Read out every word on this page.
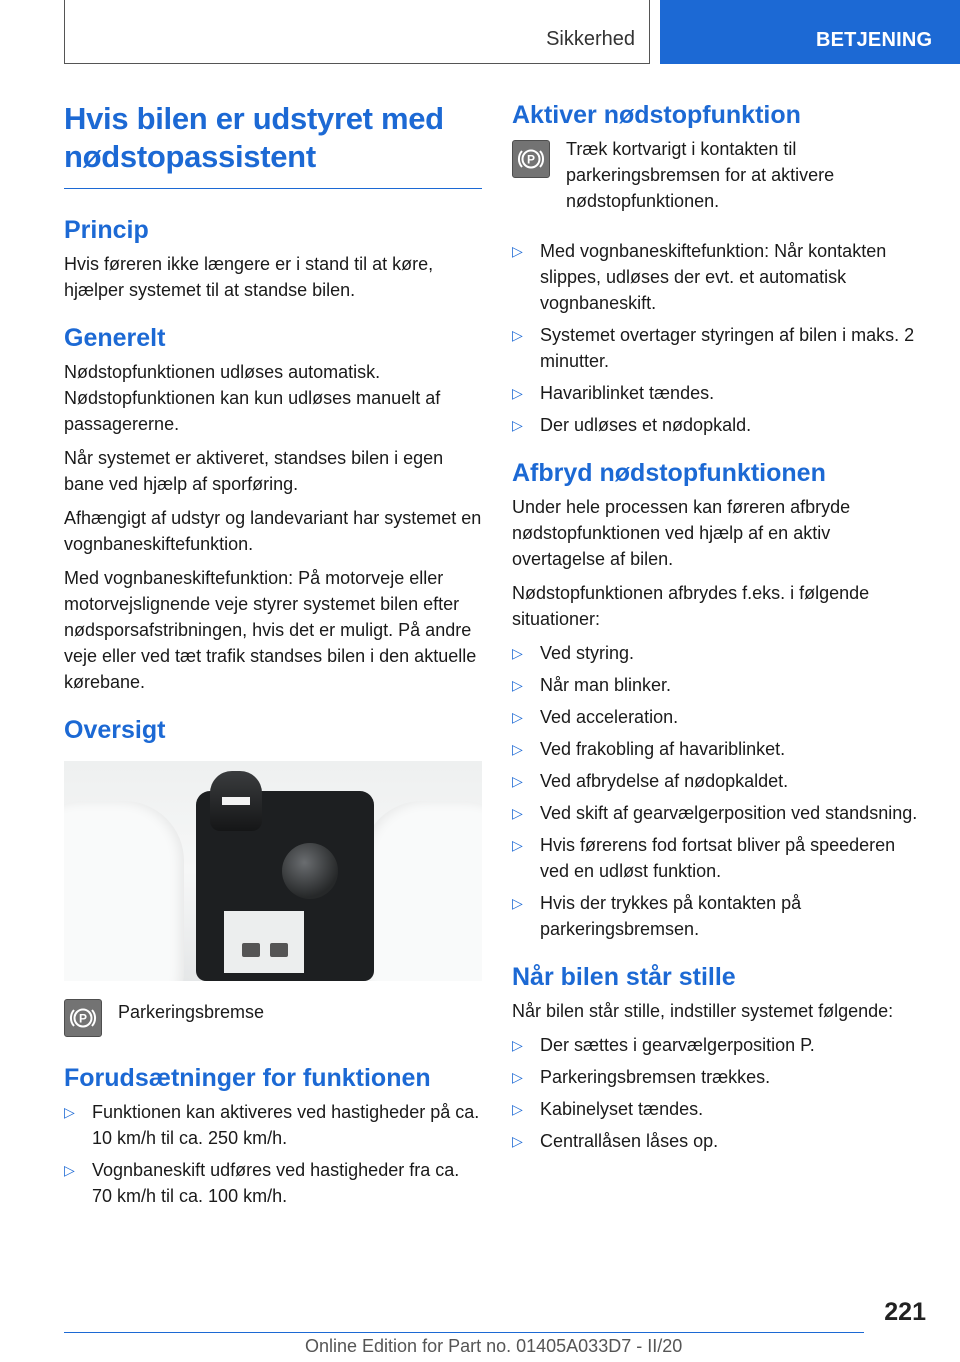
Sikkerhed	BETJENING
Hvis bilen er udstyret med nødstopassistent
Princip

Hvis føreren ikke længere er i stand til at køre, hjælper systemet til at standse bilen.

Generelt

Nødstopfunktionen udløses automatisk. Nødstopfunktionen kan kun udløses manuelt af passagererne.

Når systemet er aktiveret, standses bilen i egen bane ved hjælp af sporføring.

Afhængigt af udstyr og landevariant har systemet en vognbaneskiftefunktion.

Med vognbaneskiftefunktion: På motorveje eller motorvejslignende veje styrer systemet bilen efter nødsporsafstribningen, hvis det er muligt. På andre veje eller ved tæt trafik standses bilen i den aktuelle kørebane.

Oversigt
P Parkeringsbremse
Forudsætninger for funktionen
▷ Funktionen kan aktiveres ved hastigheder på ca. 10 km/h til ca. 250 km/h.
▷ Vognbaneskift udføres ved hastigheder fra ca. 70 km/h til ca. 100 km/h.
Aktiver nødstopfunktion
P

Træk kortvarigt i kontakten til parkeringsbremsen for at aktivere nødstopfunktionen.

▷ Med vognbaneskiftefunktion: Når kontakten slippes, udløses der evt. et automatisk vognbaneskift.
▷ Systemet overtager styringen af bilen i maks. 2 minutter.
▷ Havariblinket tændes.
▷ Der udløses et nødopkald.
Afbryd nødstopfunktionen

Under hele processen kan føreren afbryde nødstopfunktionen ved hjælp af en aktiv overtagelse af bilen.

Nødstopfunktionen afbrydes f.eks. i følgende situationer:

▷ Ved styring.
▷ Når man blinker.
▷ Ved acceleration.
▷ Ved frakobling af havariblinket.
▷ Ved afbrydelse af nødopkaldet.
▷ Ved skift af gearvælgerposition ved standsning.
▷ Hvis førerens fod fortsat bliver på speederen ved en udløst funktion.
▷ Hvis der trykkes på kontakten på parkeringsbremsen.
Når bilen står stille

Når bilen står stille, indstiller systemet følgende:

▷ Der sættes i gearvælgerposition P.
▷ Parkeringsbremsen trækkes.
▷ Kabinelyset tændes.
▷ Centrallåsen låses op.
221
Online Edition for Part no. 01405A033D7 - II/20
